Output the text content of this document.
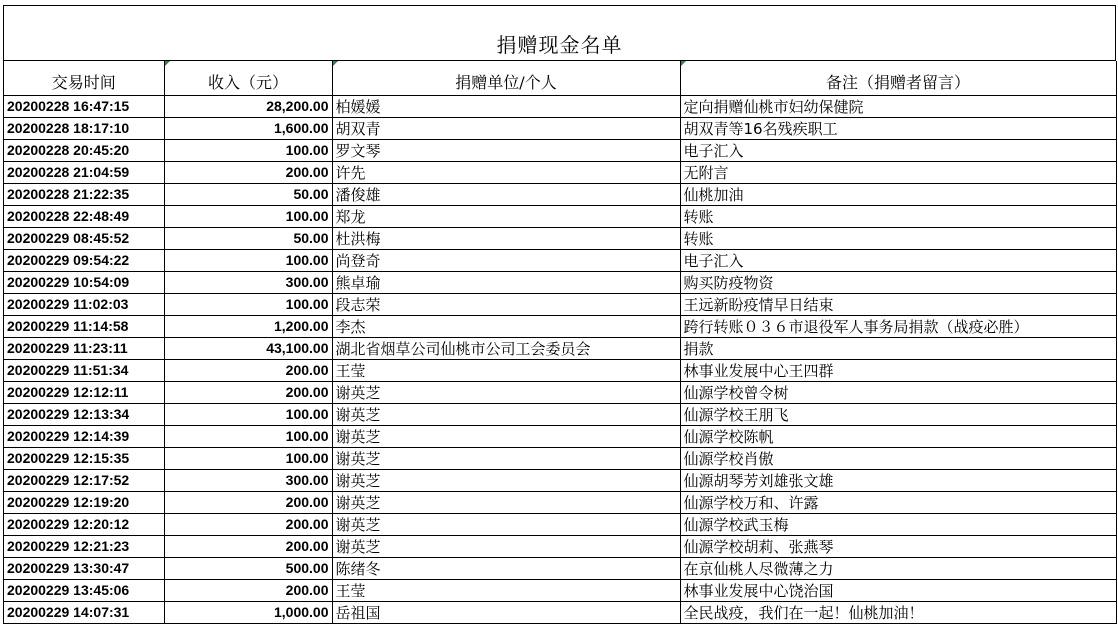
捐赠现金名单
交易时间	收入（元）	捐赠单位/个人	备注（捐赠者留言）
20200228 16:47:15	28,200.00	柏媛媛	定向捐赠仙桃市妇幼保健院
20200228 18:17:10	1,600.00	胡双青	胡双青等16名残疾职工
20200228 20:45:20	100.00	罗文琴	电子汇入
20200228 21:04:59	200.00	许先	无附言
20200228 21:22:35	50.00	潘俊雄	仙桃加油
20200228 22:48:49	100.00	郑龙	转账
20200229 08:45:52	50.00	杜洪梅	转账
20200229 09:54:22	100.00	尚登奇	电子汇入
20200229 10:54:09	300.00	熊卓瑜	购买防疫物资
20200229 11:02:03	100.00	段志荣	王远新盼疫情早日结束
20200229 11:14:58	1,200.00	李杰	跨行转账０３６市退役军人事务局捐款（战疫必胜）
20200229 11:23:11	43,100.00	湖北省烟草公司仙桃市公司工会委员会	捐款
20200229 11:51:34	200.00	王莹	林事业发展中心王四群
20200229 12:12:11	200.00	谢英芝	仙源学校曾令树
20200229 12:13:34	100.00	谢英芝	仙源学校王朋飞
20200229 12:14:39	100.00	谢英芝	仙源学校陈帆
20200229 12:15:35	100.00	谢英芝	仙源学校肖傲
20200229 12:17:52	300.00	谢英芝	仙源胡琴芳刘雄张文雄
20200229 12:19:20	200.00	谢英芝	仙源学校万和、许露
20200229 12:20:12	200.00	谢英芝	仙源学校武玉梅
20200229 12:21:23	200.00	谢英芝	仙源学校胡莉、张燕琴
20200229 13:30:47	500.00	陈绪冬	在京仙桃人尽微薄之力
20200229 13:45:06	200.00	王莹	林事业发展中心饶治国
20200229 14:07:31	1,000.00	岳祖国	全民战疫，我们在一起！仙桃加油！
